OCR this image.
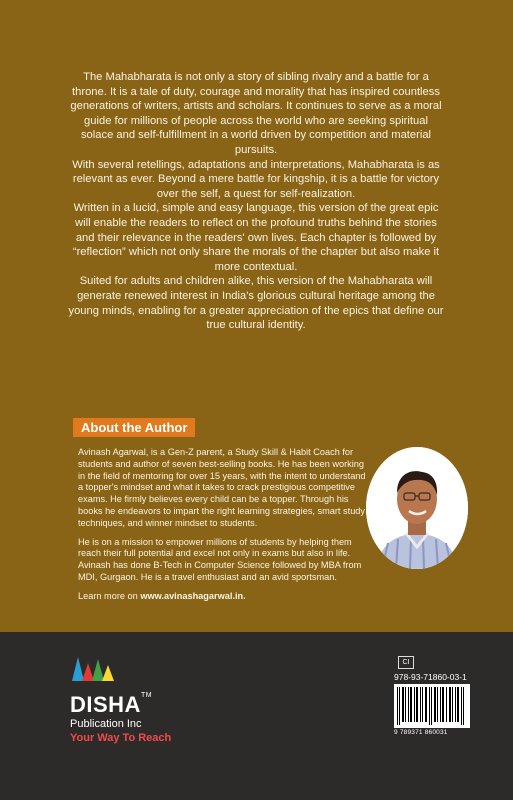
The Mahabharata is not only a story of sibling rivalry and a battle for a throne. It is a tale of duty, courage and morality that has inspired countless generations of writers, artists and scholars. It continues to serve as a moral guide for millions of people across the world who are seeking spiritual solace and self-fulfillment in a world driven by competition and material pursuits.

With several retellings, adaptations and interpretations, Mahabharata is as relevant as ever. Beyond a mere battle for kingship, it is a battle for victory over the self, a quest for self-realization.

Written in a lucid, simple and easy language, this version of the great epic will enable the readers to reflect on the profound truths behind the stories and their relevance in the readers' own lives. Each chapter is followed by

“reflection” which not only share the morals of the chapter but also make it more contextual.

Suited for adults and children alike, this version of the Mahabharata will generate renewed interest in India's glorious cultural heritage among the young minds, enabling for a greater appreciation of the epics that define our true cultural identity.

About the Author

Avinash Agarwal, is a Gen-Z parent, a Study Skill & Habit Coach for students and author of seven best-selling books. He has been working in the field of mentoring for over 15 years, with the intent to understand a topper's mindset and what it takes to crack prestigious competitive exams. He firmly believes every child can be a topper. Through his books he endeavors to impart the right learning strategies, smart study techniques, and winner mindset to students.

He is on a mission to empower millions of students by helping them reach their full potential and excel not only in exams but also in life. Avinash has done B-Tech in Computer Science followed by MBA from MDI, Gurgaon. He is a travel enthusiast and an avid sportsman.

Learn more on www.avinashagarwal.in.

DISHA™
Publication Inc
Your Way To Reach
CI
978-93-71860-03-1
9 789371 860031
